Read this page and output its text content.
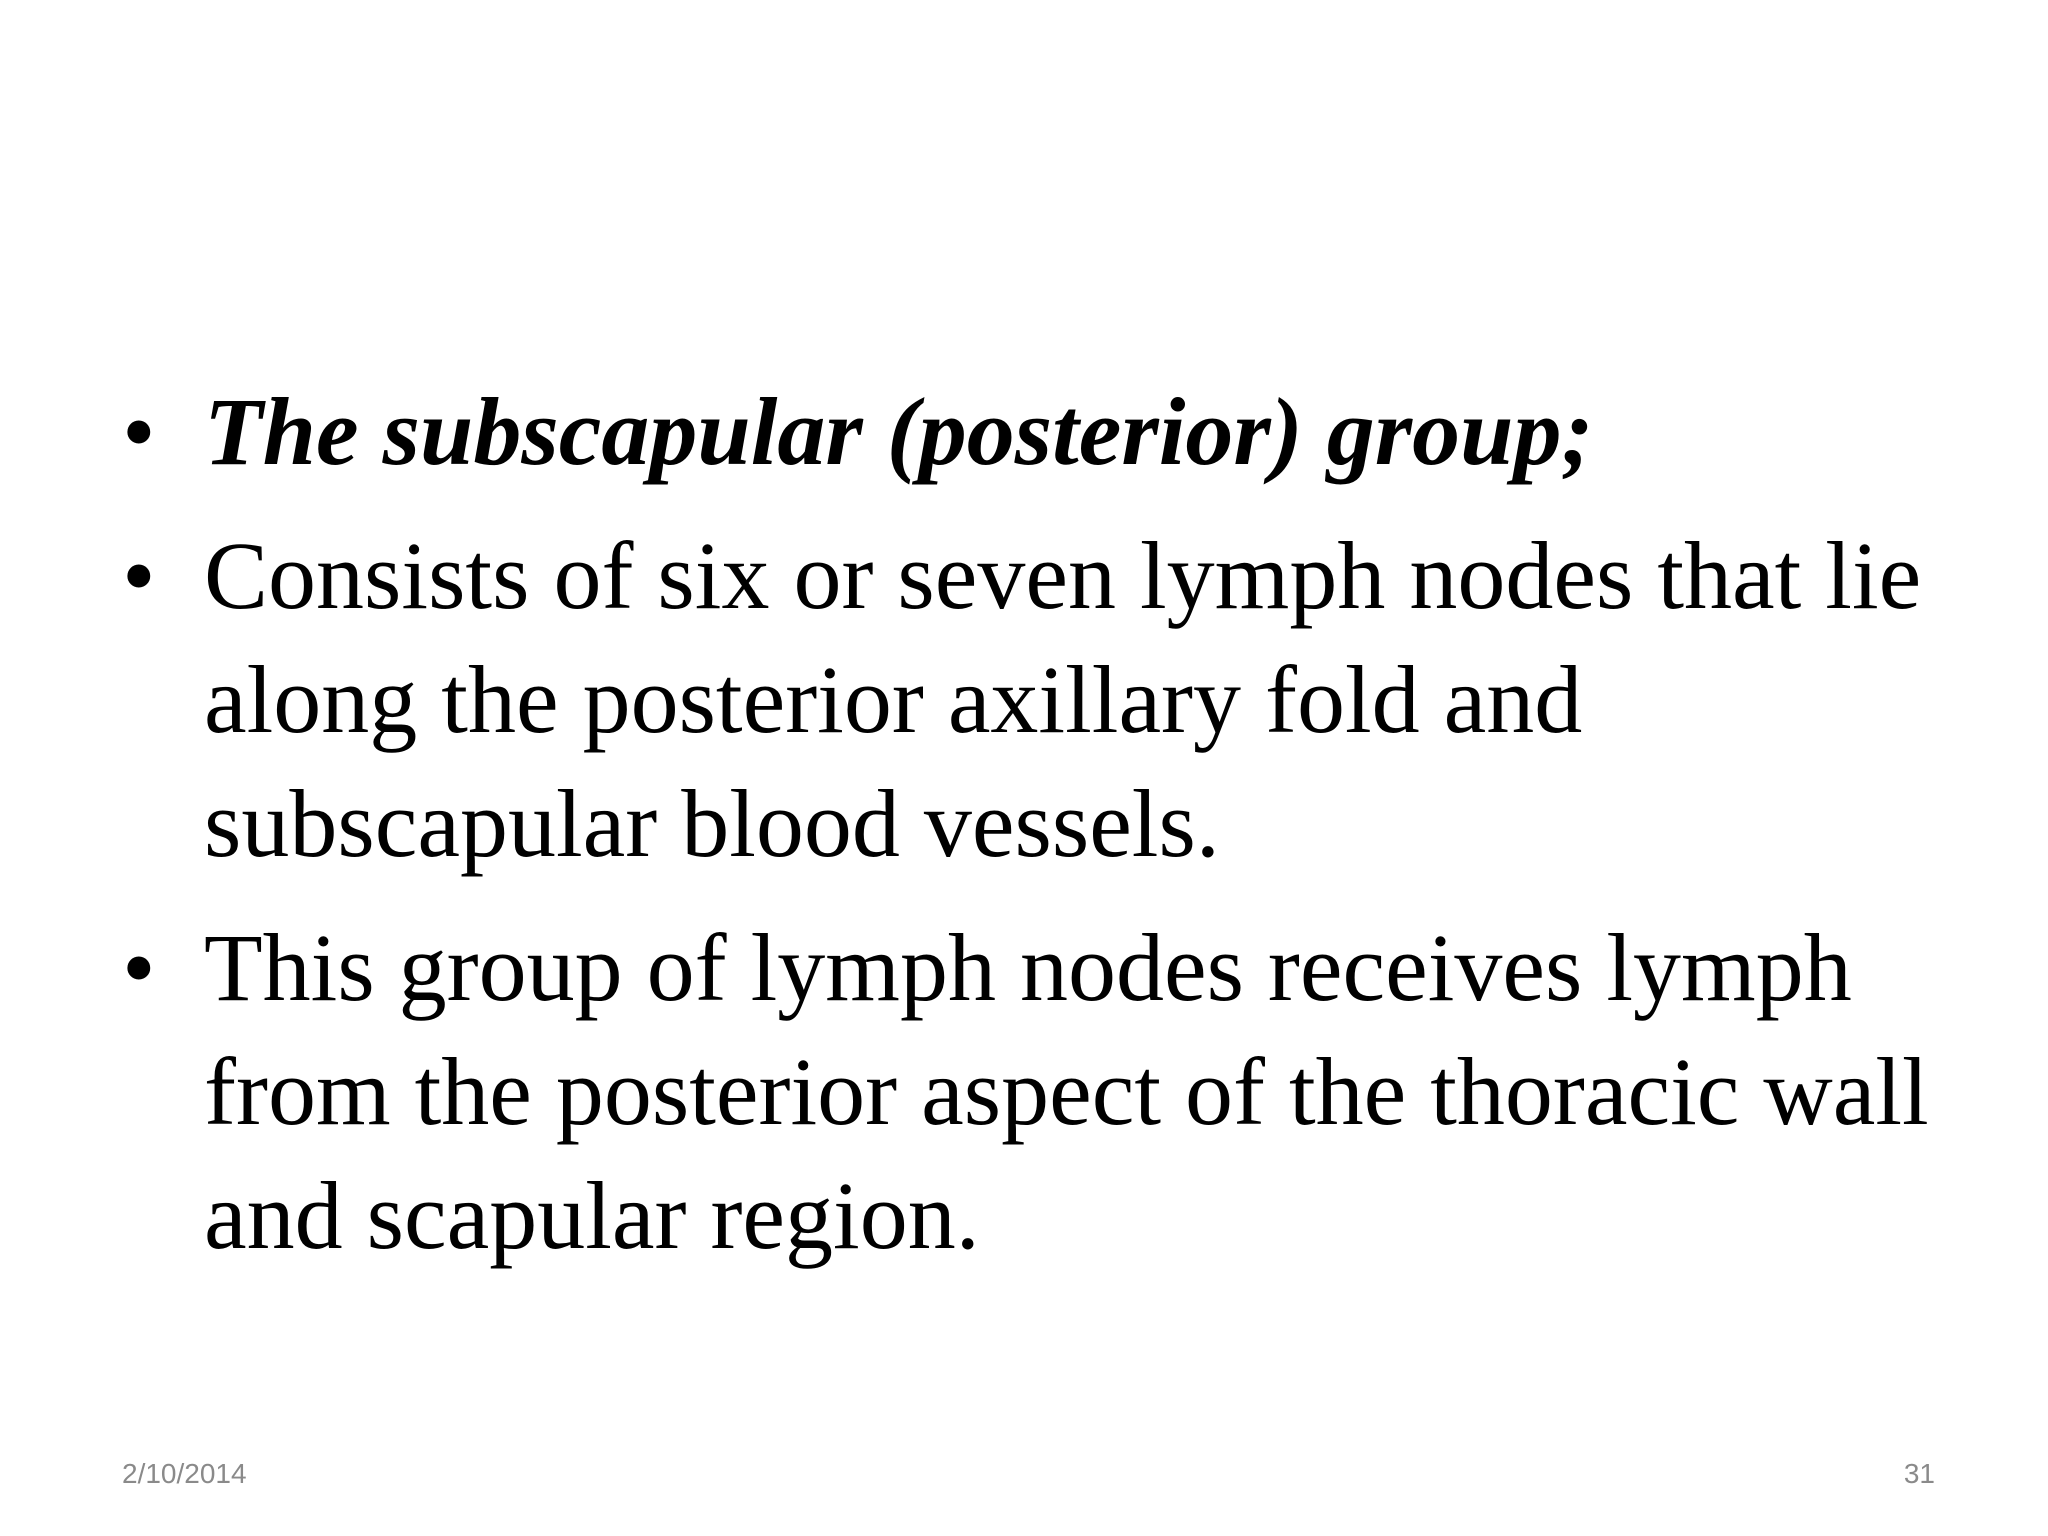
• The subscapular (posterior) group;
• Consists of six or seven lymph nodes that lie along the posterior axillary fold and subscapular blood vessels.
• This group of lymph nodes receives lymph from the posterior aspect of the thoracic wall and scapular region.
2/10/2014	31
